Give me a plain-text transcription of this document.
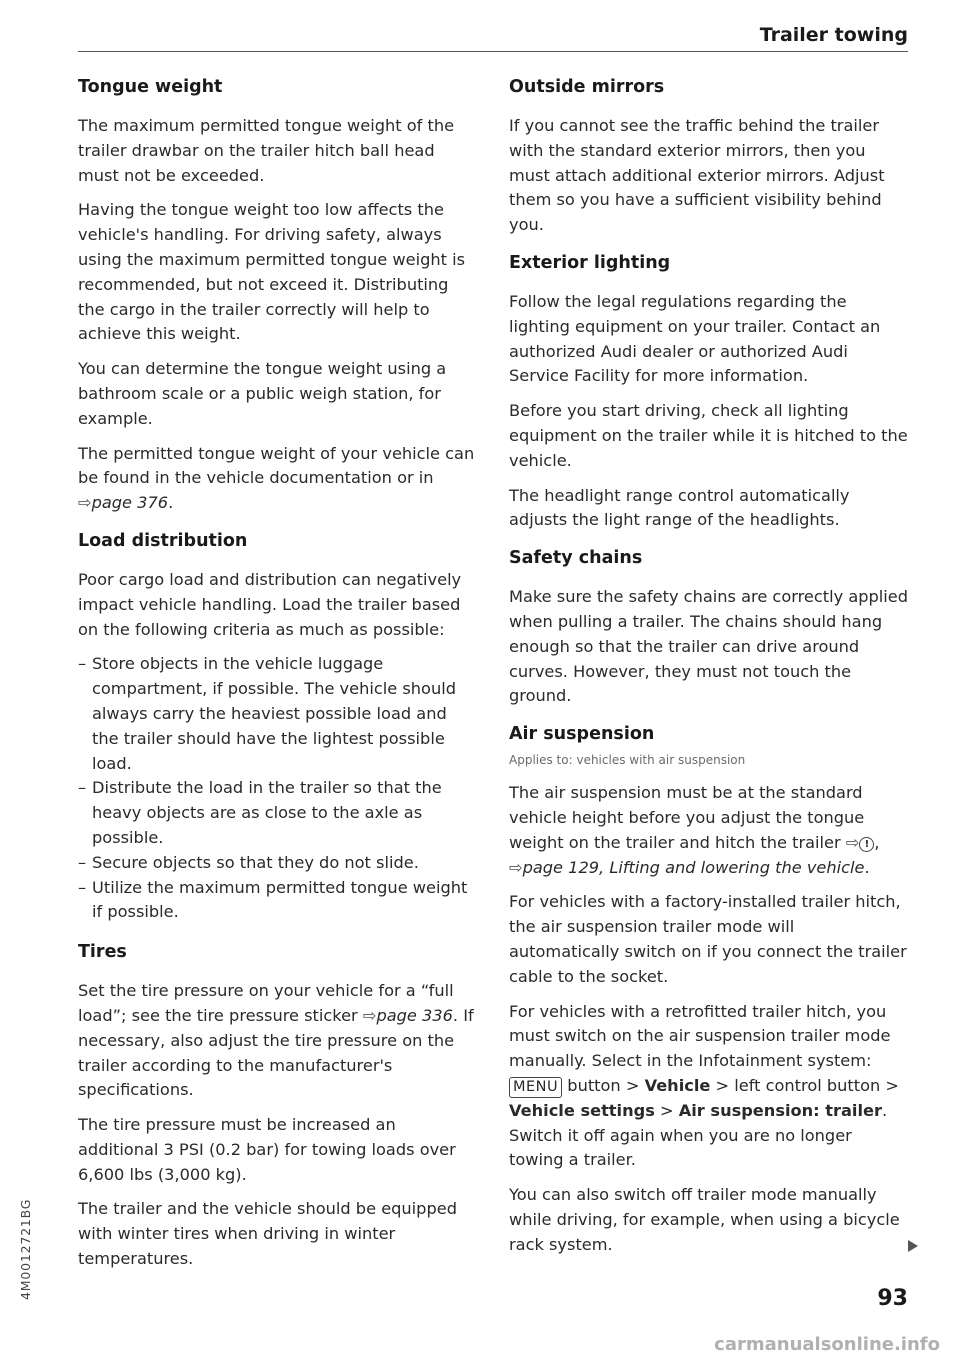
Trailer towing
Tongue weight

The maximum permitted tongue weight of the trailer drawbar on the trailer hitch ball head must not be exceeded.

Having the tongue weight too low affects the vehicle's handling. For driving safety, always using the maximum permitted tongue weight is recommended, but not exceed it. Distributing the cargo in the trailer correctly will help to achieve this weight.

You can determine the tongue weight using a bathroom scale or a public weigh station, for example.

The permitted tongue weight of your vehicle can be found in the vehicle documentation or in ⇨page 376.

Load distribution

Poor cargo load and distribution can negatively impact vehicle handling. Load the trailer based on the following criteria as much as possible:

– Store objects in the vehicle luggage compartment, if possible. The vehicle should always carry the heaviest possible load and the trailer should have the lightest possible load.
– Distribute the load in the trailer so that the heavy objects are as close to the axle as possible.
– Secure objects so that they do not slide.
– Utilize the maximum permitted tongue weight if possible.
Tires

Set the tire pressure on your vehicle for a “full load”; see the tire pressure sticker ⇨page 336. If necessary, also adjust the tire pressure on the trailer according to the manufacturer's specifications.

The tire pressure must be increased an additional 3 PSI (0.2 bar) for towing loads over 6,600 lbs (3,000 kg).

The trailer and the vehicle should be equipped with winter tires when driving in winter temperatures.

Outside mirrors

If you cannot see the traffic behind the trailer with the standard exterior mirrors, then you must attach additional exterior mirrors. Adjust them so you have a sufficient visibility behind you.

Exterior lighting

Follow the legal regulations regarding the lighting equipment on your trailer. Contact an authorized Audi dealer or authorized Audi Service Facility for more information.

Before you start driving, check all lighting equipment on the trailer while it is hitched to the vehicle.

The headlight range control automatically adjusts the light range of the headlights.

Safety chains

Make sure the safety chains are correctly applied when pulling a trailer. The chains should hang enough so that the trailer can drive around curves. However, they must not touch the ground.

Air suspension
Applies to: vehicles with air suspension

The air suspension must be at the standard vehicle height before you adjust the tongue weight on the trailer and hitch the trailer ⇨ ! , ⇨page 129, Lifting and lowering the vehicle.

For vehicles with a factory-installed trailer hitch, the air suspension trailer mode will automatically switch on if you connect the trailer cable to the socket.

For vehicles with a retrofitted trailer hitch, you must switch on the air suspension trailer mode manually. Select in the Infotainment system: MENU button > Vehicle > left control button > Vehicle settings > Air suspension: trailer. Switch it off again when you are no longer towing a trailer.

You can also switch off trailer mode manually while driving, for example, when using a bicycle rack system.

93
4M0012721BG
carmanualsonline.info
